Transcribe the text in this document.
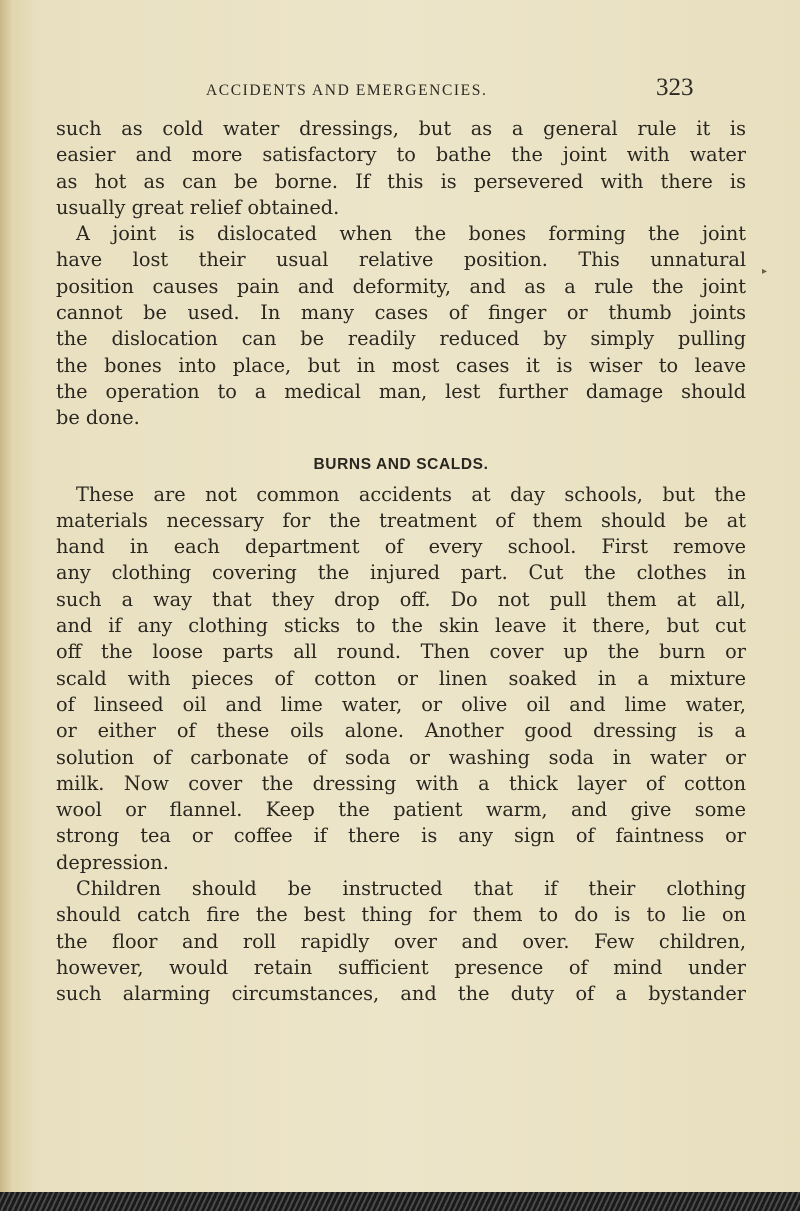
ACCIDENTS AND EMERGENCIES.	323
▸
such as cold water dressings, but as a general rule it is
easier and more satisfactory to bathe the joint with water
as hot as can be borne. If this is persevered with there is
usually great relief obtained.
A joint is dislocated when the bones forming the joint
have lost their usual relative position. This unnatural
position causes pain and deformity, and as a rule the joint
cannot be used. In many cases of finger or thumb joints
the dislocation can be readily reduced by simply pulling
the bones into place, but in most cases it is wiser to leave
the operation to a medical man, lest further damage should
be done.
BURNS AND SCALDS.
These are not common accidents at day schools, but the
materials necessary for the treatment of them should be at
hand in each department of every school. First remove
any clothing covering the injured part. Cut the clothes in
such a way that they drop off. Do not pull them at all,
and if any clothing sticks to the skin leave it there, but cut
off the loose parts all round. Then cover up the burn or
scald with pieces of cotton or linen soaked in a mixture
of linseed oil and lime water, or olive oil and lime water,
or either of these oils alone. Another good dressing is a
solution of carbonate of soda or washing soda in water or
milk. Now cover the dressing with a thick layer of cotton
wool or flannel. Keep the patient warm, and give some
strong tea or coffee if there is any sign of faintness or
depression.
Children should be instructed that if their clothing
should catch fire the best thing for them to do is to lie on
the floor and roll rapidly over and over. Few children,
however, would retain sufficient presence of mind under
such alarming circumstances, and the duty of a bystander
